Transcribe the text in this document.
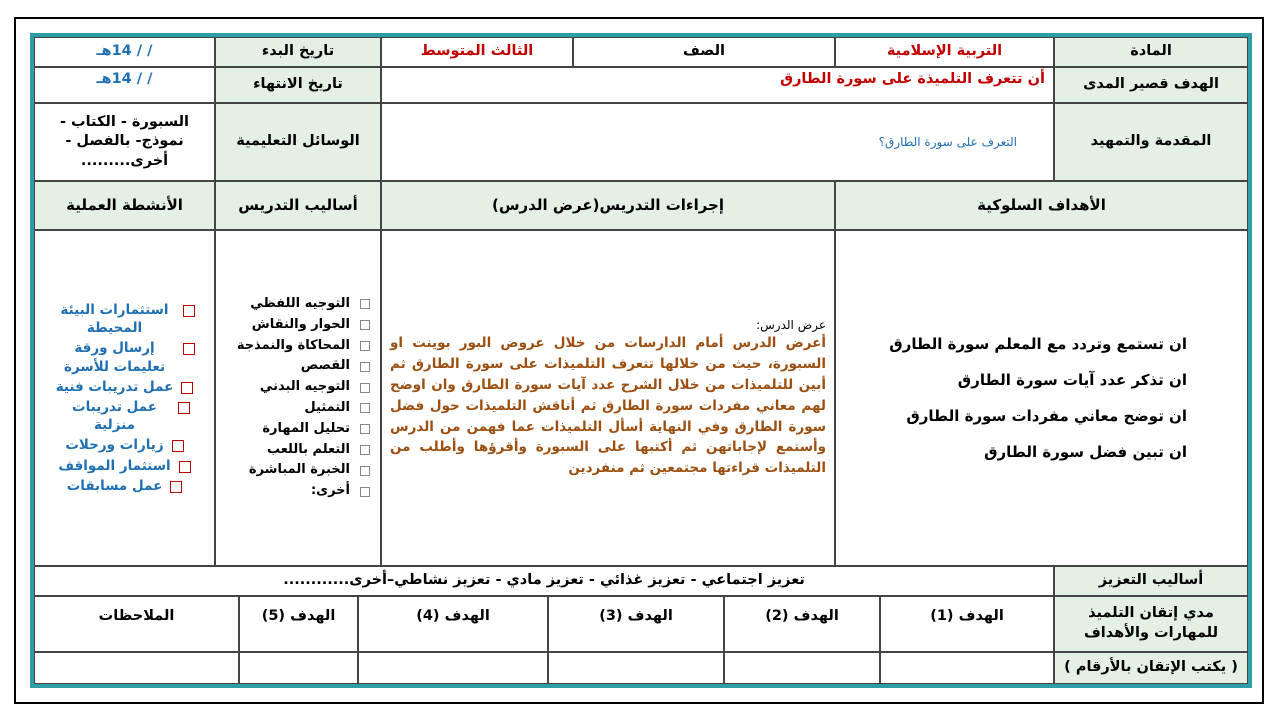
المادة
التربية الإسلامية
الصف
الثالث المتوسط
تاريخ البدء
/ / 14هـ
الهدف قصير المدى
أن تتعرف التلميذة على سورة الطارق
تاريخ الانتهاء
/ / 14هـ
المقدمة والتمهيد
التعرف على سورة الطارق؟
الوسائل التعليمية
السبورة - الكتاب - نموذج- بالفصل - أخرى.........
الأهداف السلوكية
إجراءات التدريس(عرض الدرس)
أساليب التدريس
الأنشطة العملية
ان تستمع وتردد مع المعلم سورة الطارق
ان تذكر عدد آيات سورة الطارق
ان توضح معاني مفردات سورة الطارق
ان تبين فضل سورة الطارق
عرض الدرس:
أعرض الدرس أمام الدارسات من خلال عروض البور بوينت او السبورة، حيث من خلالها تتعرف التلميذات على سورة الطارق ثم أبين للتلميذات من خلال الشرح عدد آيات سورة الطارق وان اوضح لهم معاني مفردات سورة الطارق ثم أناقش التلميذات حول فضل سورة الطارق وفي النهاية أسأل التلميذات عما فهمن من الدرس وأستمع لإجاباتهن ثم أكتبها على السبورة وأقرؤها وأطلب من التلميذات قراءتها مجتمعين ثم منفردين
التوجيه اللفظي
الحوار والنقاش
المحاكاة والنمذجة
القصص
التوجيه البدني
التمثيل
تحليل المهارة
التعلم باللعب
الخبرة المباشرة
أخرى:
استثمارات البيئة المحيطة
إرسال ورقة تعليمات للأسرة
عمل تدريبات فنية
عمل تدريبات منزلية
زيارات ورحلات
استثمار المواقف
عمل مسابقات
أساليب التعزيز
تعزيز اجتماعي - تعزيز غذائي - تعزيز مادي - تعزيز نشاطي–أخرى............
مدي إتقان التلميذ للمهارات والأهداف
الهدف (1)
الهدف (2)
الهدف (3)
الهدف (4)
الهدف (5)
الملاحظات
( يكتب الإتقان بالأرقام )
